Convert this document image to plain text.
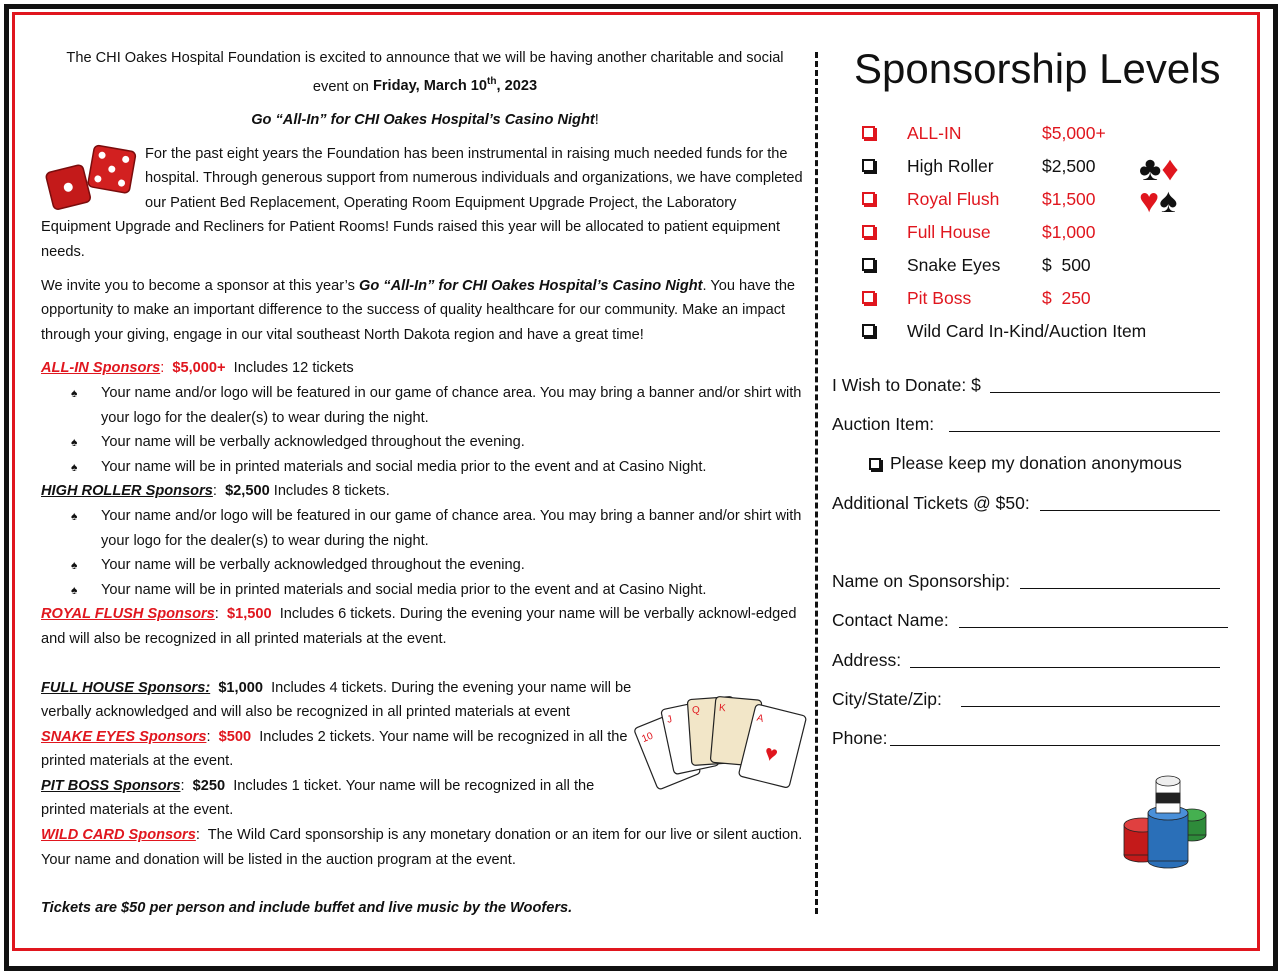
The CHI Oakes Hospital Foundation is excited to announce that we will be having another charitable and social

event on Friday, March 10th, 2023

Go “All-In” for CHI Oakes Hospital’s Casino Night!

For the past eight years the Foundation has been instrumental in raising much needed funds for the hospital. Through generous support from numerous individuals and organizations, we have completed our Patient Bed Replacement, Operating Room Equipment Upgrade Project, the Laboratory Equipment Upgrade and Recliners for Patient Rooms! Funds raised this year will be allocated to patient equipment needs.

We invite you to become a sponsor at this year’s Go “All-In” for CHI Oakes Hospital’s Casino Night. You have the opportunity to make an important difference to the success of quality healthcare for our community. Make an impact through your giving, engage in our vital southeast North Dakota region and have a great time!

ALL-IN Sponsors: $5,000+ Includes 12 tickets

♠ Your name and/or logo will be featured in our game of chance area. You may bring a banner and/or shirt with your logo for the dealer(s) to wear during the night.
♠ Your name will be verbally acknowledged throughout the evening.
♠ Your name will be in printed materials and social media prior to the event and at Casino Night.

HIGH ROLLER Sponsors:  $2,500 Includes 8 tickets.

♠ Your name and/or logo will be featured in our game of chance area. You may bring a banner and/or shirt with your logo for the dealer(s) to wear during the night.
♠ Your name will be verbally acknowledged throughout the evening.
♠ Your name will be in printed materials and social media prior to the event and at Casino Night.

ROYAL FLUSH Sponsors:  $1,500 Includes 6 tickets. During the evening your name will be verbally acknowl-edged and will also be recognized in all printed materials at the event.

FULL HOUSE Sponsors: $1,000 Includes 4 tickets. During the evening your name will be verbally acknowledged and will also be recognized in all printed materials at event

SNAKE EYES Sponsors:  $500 Includes 2 tickets. Your name will be recognized in all the printed materials at the event.

PIT BOSS Sponsors:  $250 Includes 1 ticket. Your name will be recognized in all the printed materials at the event.

WILD CARD Sponsors:  The Wild Card sponsorship is any monetary donation or an item for our live or silent auction. Your name and donation will be listed in the auction program at the event.

Tickets are $50 per person and include buffet and live music by the Woofers.

♥
10
J
Q K
A
Sponsorship Levels
ALL-IN	$5,000+
High Roller	$2,500
Royal Flush $1,500
Full House	$1,000
Snake Eyes $  500
Pit Boss	$  250
Wild Card In-Kind/Auction Item
♣♦
♥♠
I Wish to Donate: $
Auction Item:
Please keep my donation anonymous
Additional Tickets @ $50:
Name on Sponsorship:
Contact Name:
Address:
City/State/Zip:
Phone:
